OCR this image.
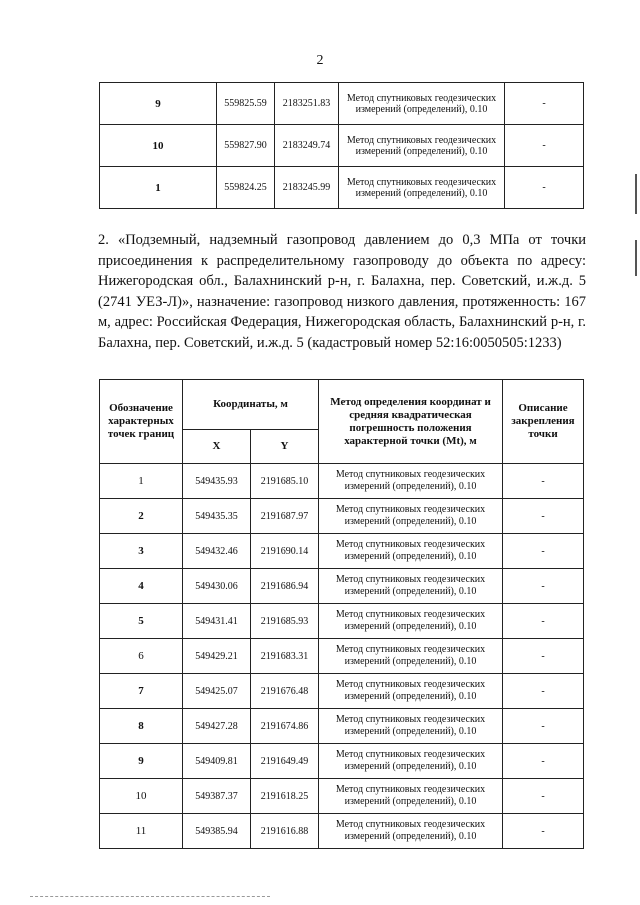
2
9	559825.59	2183251.83	Метод спутниковых геодезических измерений (определений), 0.10	-
10	559827.90	2183249.74	Метод спутниковых геодезических измерений (определений), 0.10	-
1	559824.25	2183245.99	Метод спутниковых геодезических измерений (определений), 0.10	-
2. «Подземный, надземный газопровод давлением до 0,3 МПа от точки присоединения к распределительному газопроводу до объекта по адресу: Нижегородская обл., Балахнинский р-н, г. Балахна, пер. Советский, и.ж.д. 5 (2741 УЕЗ-Л)», назначение: газопровод низкого давления, протяженность: 167 м, адрес: Российская Федерация, Нижегородская область, Балахнинский р-н, г. Балахна, пер. Советский, и.ж.д. 5 (кадастровый номер 52:16:0050505:1233)
Обозначение характерных точек границ	Координаты, м		Метод определения координат и средняя квадратическая погрешность положения характерной точки (Mt), м	Описание закрепления точки
	X	Y		
1	549435.93	2191685.10	Метод спутниковых геодезических измерений (определений), 0.10	-
2	549435.35	2191687.97	Метод спутниковых геодезических измерений (определений), 0.10	-
3	549432.46	2191690.14	Метод спутниковых геодезических измерений (определений), 0.10	-
4	549430.06	2191686.94	Метод спутниковых геодезических измерений (определений), 0.10	-
5	549431.41	2191685.93	Метод спутниковых геодезических измерений (определений), 0.10	-
6	549429.21	2191683.31	Метод спутниковых геодезических измерений (определений), 0.10	-
7	549425.07	2191676.48	Метод спутниковых геодезических измерений (определений), 0.10	-
8	549427.28	2191674.86	Метод спутниковых геодезических измерений (определений), 0.10	-
9	549409.81	2191649.49	Метод спутниковых геодезических измерений (определений), 0.10	-
10	549387.37	2191618.25	Метод спутниковых геодезических измерений (определений), 0.10	-
11	549385.94	2191616.88	Метод спутниковых геодезических измерений (определений), 0.10	-
